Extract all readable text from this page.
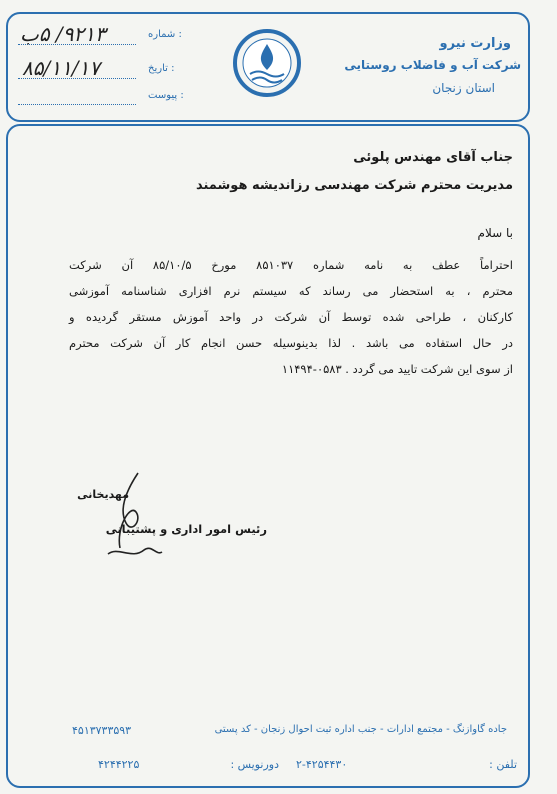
وزارت نیرو
شرکت آب و فاضلاب روستایی
استان زنجان
شماره :
تاریخ :
پیوست :
۹۲۱۳/ ۵ب
۸۵/۱۱/۱۷
جناب آقای مهندس پلوئی
مدیریت محترم شرکت مهندسی رزاندیشه هوشمند
با سلام
احتراماً عطف به نامه شماره ۸۵۱۰۳۷ مورخ ۸۵/۱۰/۵ آن شرکت
محترم ، به استحضار می رساند که سیستم نرم افزاری شناسنامه آموزشی
کارکنان ، طراحی شده توسط آن شرکت در واحد آموزش مستقر گردیده و
در حال استفاده می باشد . لذا بدینوسیله حسن انجام کار آن شرکت محترم
از سوی این شرکت تایید می گردد . ۰۵۸۳-۱۱۴۹۴
مهدیخانی
رئیس امور اداری و پشتیبانی
جاده گاوازنگ - مجتمع ادارات - جنب اداره ثبت احوال زنجان - کد پستی
۴۵۱۳۷۳۳۵۹۳
تلفن :
۲-۴۲۵۴۴۳۰
دورنویس :
۴۲۴۴۲۲۵
